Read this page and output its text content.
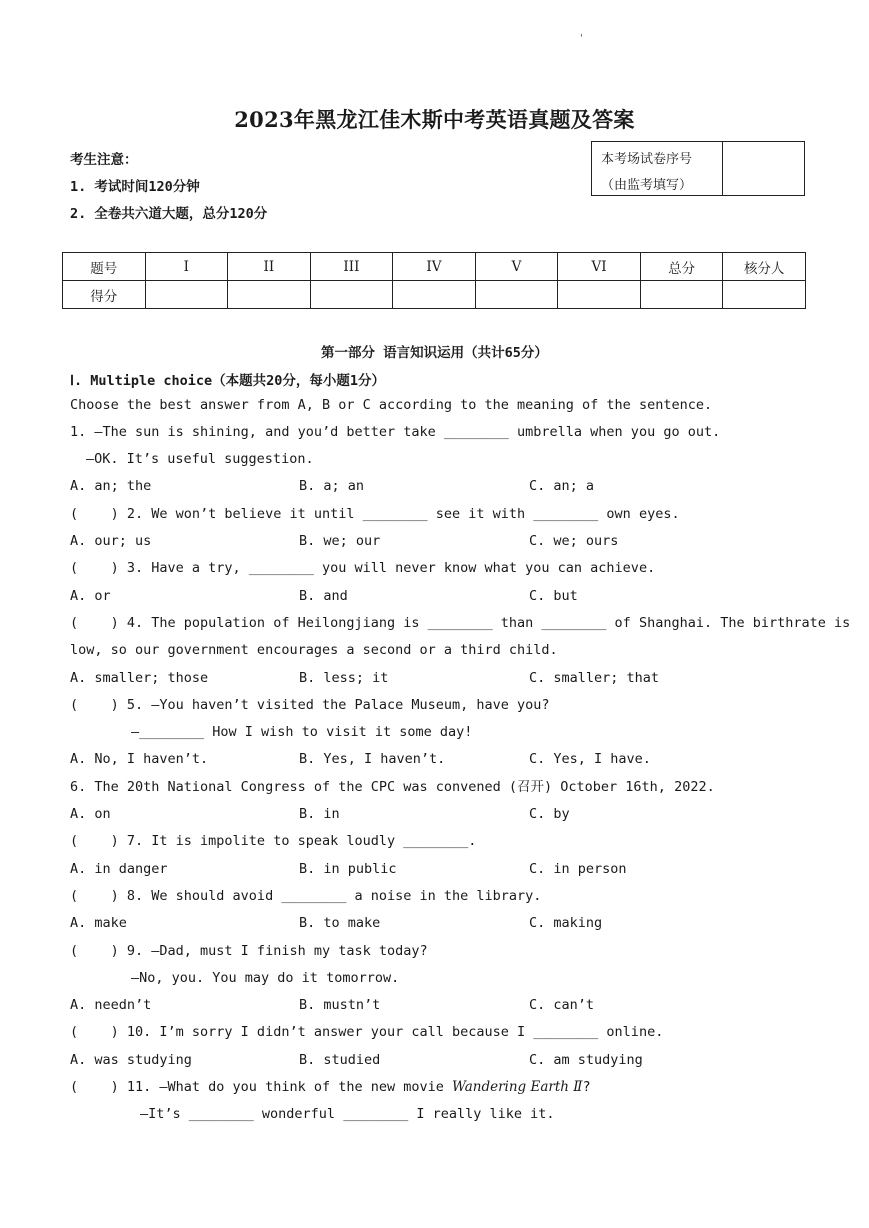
'
2023年黑龙江佳木斯中考英语真题及答案
考生注意：
1. 考试时间120分钟
2. 全卷共六道大题，总分120分
本考场试卷序号
（由监考填写）
题号	I	II	III	IV	V	VI	总分	核分人
得分								
第一部分 语言知识运用（共计65分）
Ⅰ. Multiple choice（本题共20分，每小题1分）
Choose the best answer from A, B or C according to the meaning of the sentence.
1. —The sun is shining, and you’d better take ________ umbrella when you go out.
—OK. It’s useful suggestion.
A. an; the	B. a; an	C. an; a
(    ) 2. We won’t believe it until ________ see it with ________ own eyes.
A. our; us	B. we; our	C. we; ours
(    ) 3. Have a try, ________ you will never know what you can achieve.
A. or	B. and	C. but
(    ) 4. The population of Heilongjiang is ________ than ________ of Shanghai. The birthrate is
low, so our government encourages a second or a third child.
A. smaller; those	B. less; it	C. smaller; that
(    ) 5. —You haven’t visited the Palace Museum, have you?
—________ How I wish to visit it some day!
A. No, I haven’t.	B. Yes, I haven’t.	C. Yes, I have.
6. The 20th National Congress of the CPC was convened (召开) October 16th, 2022.
A. on	B. in	C. by
(    ) 7. It is impolite to speak loudly ________.
A. in danger	B. in public	C. in person
(    ) 8. We should avoid ________ a noise in the library.
A. make	B. to make	C. making
(    ) 9. —Dad, must I finish my task today?
—No, you. You may do it tomorrow.
A. needn’t	B. mustn’t	C. can’t
(    ) 10. I’m sorry I didn’t answer your call because I ________ online.
A. was studying	B. studied	C. am studying
(    ) 11. —What do you think of the new movie Wandering Earth Ⅱ?
—It’s ________ wonderful ________ I really like it.
